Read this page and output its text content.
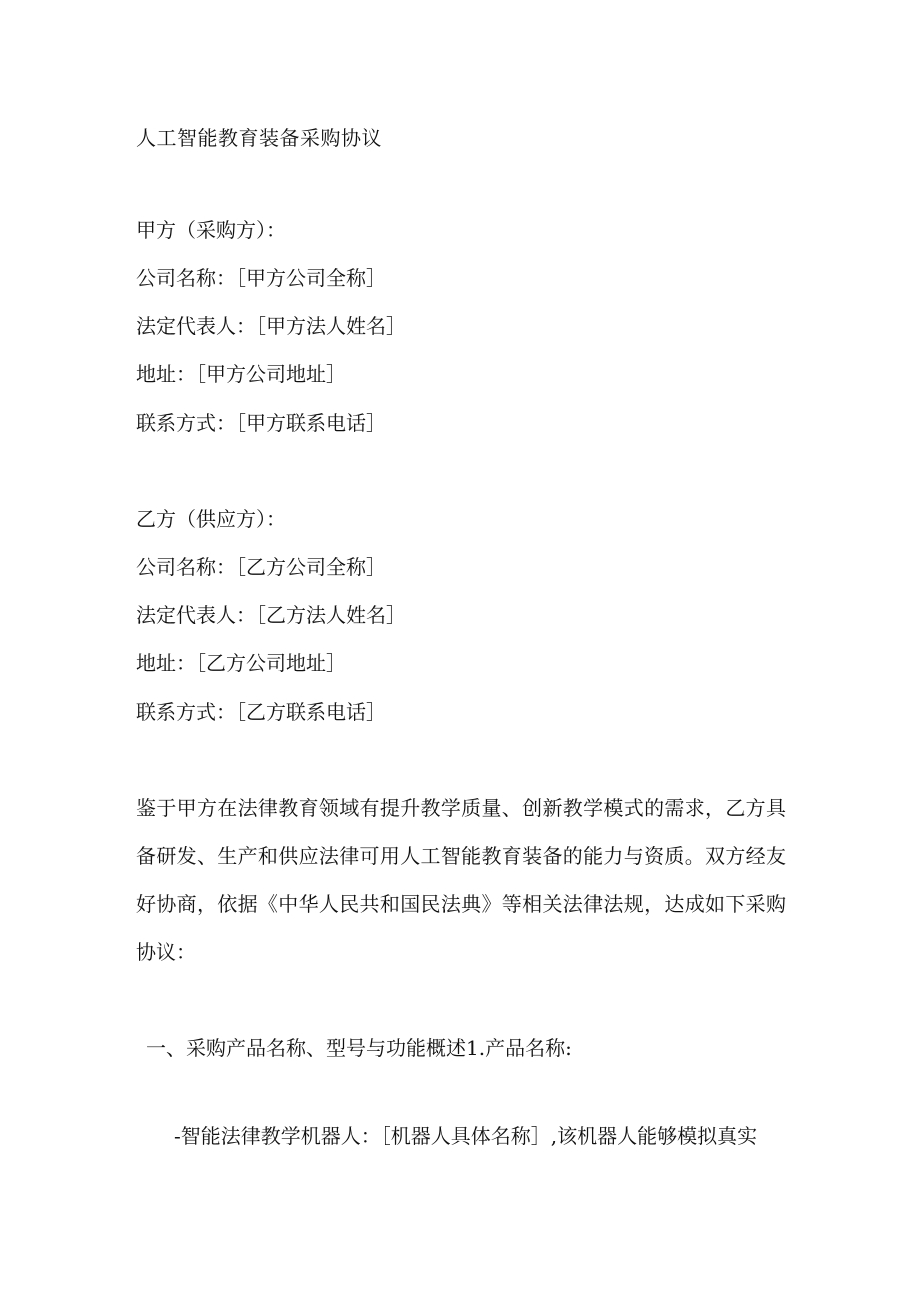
人工智能教育装备采购协议
甲方（采购方）：
公司名称：［甲方公司全称］
法定代表人：［甲方法人姓名］
地址：［甲方公司地址］
联系方式：［甲方联系电话］
乙方（供应方）：
公司名称：［乙方公司全称］
法定代表人：［乙方法人姓名］
地址：［乙方公司地址］
联系方式：［乙方联系电话］
鉴于甲方在法律教育领域有提升教学质量、创新教学模式的需求，乙方具备研发、生产和供应法律可用人工智能教育装备的能力与资质。双方经友好协商，依据《中华人民共和国民法典》等相关法律法规，达成如下采购协议：
一、采购产品名称、型号与功能概述1.产品名称:
-智能法律教学机器人：［机器人具体名称］,该机器人能够模拟真实
